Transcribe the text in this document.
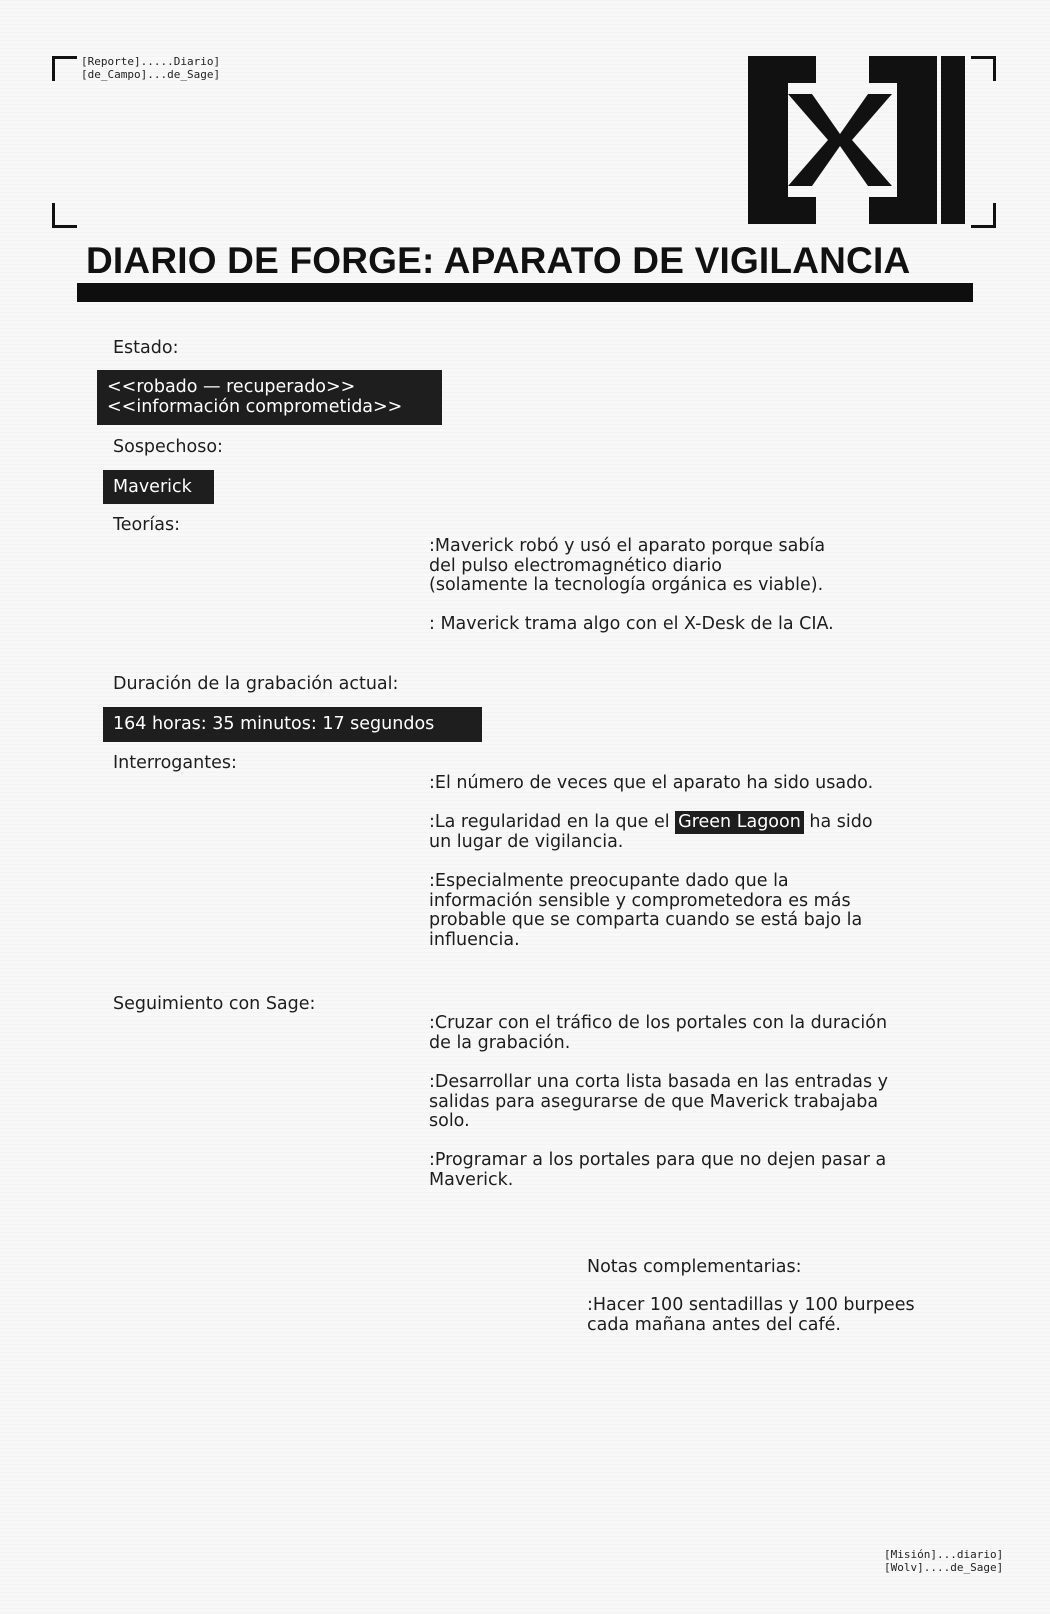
[Reporte].....Diario]
[de_Campo]...de_Sage]
DIARIO DE FORGE: APARATO DE VIGILANCIA
Estado:
<<robado — recuperado>>
<<información comprometida>>
Sospechoso:
Maverick
Teorías:
:Maverick robó y usó el aparato porque sabía
del pulso electromagnético diario
(solamente la tecnología orgánica es viable).
: Maverick trama algo con el X-Desk de la CIA.
Duración de la grabación actual:
164 horas: 35 minutos: 17 segundos
Interrogantes:
:El número de veces que el aparato ha sido usado.
:La regularidad en la que el Green Lagoon ha sido
un lugar de vigilancia.
:Especialmente preocupante dado que la
información sensible y comprometedora es más
probable que se comparta cuando se está bajo la
influencia.
Seguimiento con Sage:
:Cruzar con el tráfico de los portales con la duración
de la grabación.
:Desarrollar una corta lista basada en las entradas y
salidas para asegurarse de que Maverick trabajaba
solo.
:Programar a los portales para que no dejen pasar a
Maverick.
Notas complementarias:
:Hacer 100 sentadillas y 100 burpees
cada mañana antes del café.
[Misión]...diario]
[Wolv]....de_Sage]
